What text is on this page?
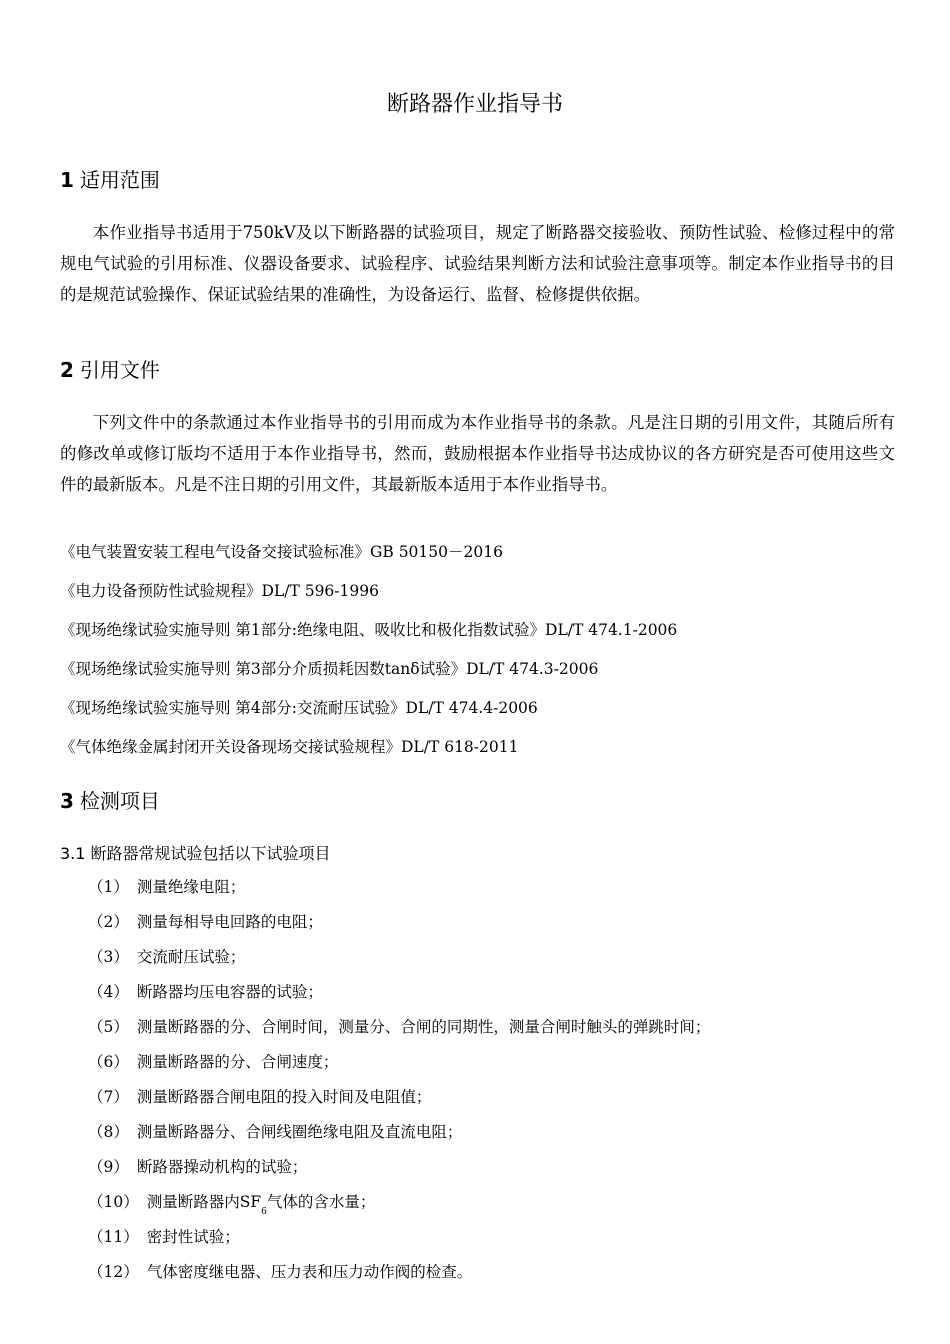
断路器作业指导书
1 适用范围

本作业指导书适用于750kV及以下断路器的试验项目，规定了断路器交接验收、预防性试验、检修过程中的常规电气试验的引用标准、仪器设备要求、试验程序、试验结果判断方法和试验注意事项等。制定本作业指导书的目的是规范试验操作、保证试验结果的准确性，为设备运行、监督、检修提供依据。

2 引用文件

下列文件中的条款通过本作业指导书的引用而成为本作业指导书的条款。凡是注日期的引用文件，其随后所有的修改单或修订版均不适用于本作业指导书，然而，鼓励根据本作业指导书达成协议的各方研究是否可使用这些文件的最新版本。凡是不注日期的引用文件，其最新版本适用于本作业指导书。

《电气装置安装工程电气设备交接试验标准》GB 50150－2016
《电力设备预防性试验规程》DL/T 596-1996
《现场绝缘试验实施导则 第1部分:绝缘电阻、吸收比和极化指数试验》DL/T 474.1-2006
《现场绝缘试验实施导则 第3部分介质损耗因数tanδ试验》DL/T 474.3-2006
《现场绝缘试验实施导则 第4部分:交流耐压试验》DL/T 474.4-2006
《气体绝缘金属封闭开关设备现场交接试验规程》DL/T 618-2011
3 检测项目
3.1 断路器常规试验包括以下试验项目
（1） 测量绝缘电阻；
（2） 测量每相导电回路的电阻；
（3） 交流耐压试验；
（4） 断路器均压电容器的试验；
（5） 测量断路器的分、合闸时间，测量分、合闸的同期性，测量合闸时触头的弹跳时间；
（6） 测量断路器的分、合闸速度；
（7） 测量断路器合闸电阻的投入时间及电阻值；
（8） 测量断路器分、合闸线圈绝缘电阻及直流电阻；
（9） 断路器操动机构的试验；
（10） 测量断路器内$SF_6$气体的含水量；
（11） 密封性试验；
（12） 气体密度继电器、压力表和压力动作阀的检查。
